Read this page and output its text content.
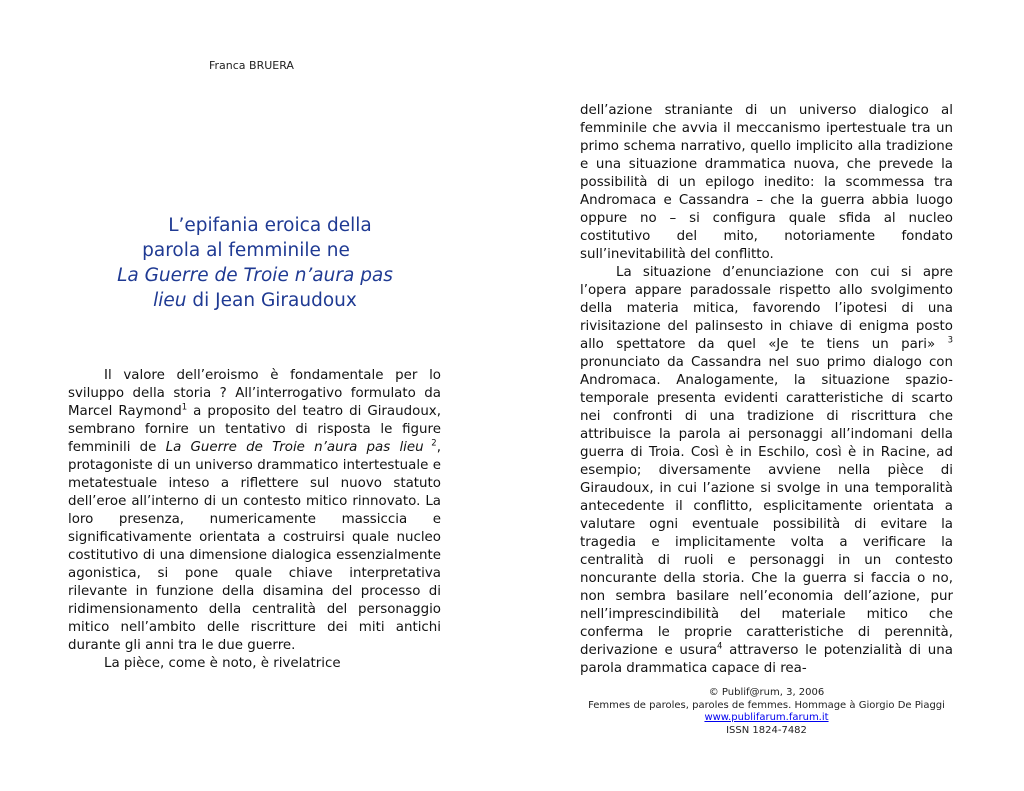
Franca BRUERA
L’epifania eroica della
parola al femminile ne
La Guerre de Troie n’aura pas
lieu di Jean Giraudoux

Il valore dell’eroismo è fondamentale per lo sviluppo della storia ? All’interrogativo formulato da Marcel Raymond$^1$ a proposito del teatro di Giraudoux, sembrano fornire un tentativo di risposta le figure femminili de La Guerre de Troie n’aura pas lieu $^2$, protagoniste di un universo drammatico intertestuale e metatestuale inteso a riflettere sul nuovo statuto dell’eroe all’interno di un contesto mitico rinnovato. La loro presenza, numericamente massiccia e significativamente orientata a costruirsi quale nucleo costitutivo di una dimensione dialogica essenzialmente agonistica, si pone quale chiave interpretativa rilevante in funzione della disamina del processo di ridimensionamento della centralità del personaggio mitico nell’ambito delle riscritture dei miti antichi durante gli anni tra le due guerre.

La pièce, come è noto, è rivelatrice

dell’azione straniante di un universo dialogico al femminile che avvia il meccanismo ipertestuale tra un primo schema narrativo, quello implicito alla tradizione e una situazione drammatica nuova, che prevede la possibilità di un epilogo inedito: la scommessa tra Andromaca e Cassandra – che la guerra abbia luogo oppure no – si configura quale sfida al nucleo costitutivo del mito, notoriamente fondato sull’inevitabilità del conflitto.

La situazione d’enunciazione con cui si apre l’opera appare paradossale rispetto allo svolgimento della materia mitica, favorendo l’ipotesi di una rivisitazione del palinsesto in chiave di enigma posto allo spettatore da quel «Je te tiens un pari» $^3$ pronunciato da Cassandra nel suo primo dialogo con Andromaca. Analogamente, la situazione spazio-temporale presenta evidenti caratteristiche di scarto nei confronti di una tradizione di riscrittura che attribuisce la parola ai personaggi all’indomani della guerra di Troia. Così è in Eschilo, così è in Racine, ad esempio; diversamente avviene nella pièce di Giraudoux, in cui l’azione si svolge in una temporalità antecedente il conflitto, esplicitamente orientata a valutare ogni eventuale possibilità di evitare la tragedia e implicitamente volta a verificare la centralità di ruoli e personaggi in un contesto noncurante della storia. Che la guerra si faccia o no, non sembra basilare nell’economia dell’azione, pur nell’imprescindibilità del materiale mitico che conferma le proprie caratteristiche di perennità, derivazione e usura$^4$ attraverso le potenzialità di una parola drammatica capace di rea-

© Publif@rum, 3, 2006
Femmes de paroles, paroles de femmes. Hommage à Giorgio De Piaggi
www.publifarum.farum.it
ISSN 1824-7482
